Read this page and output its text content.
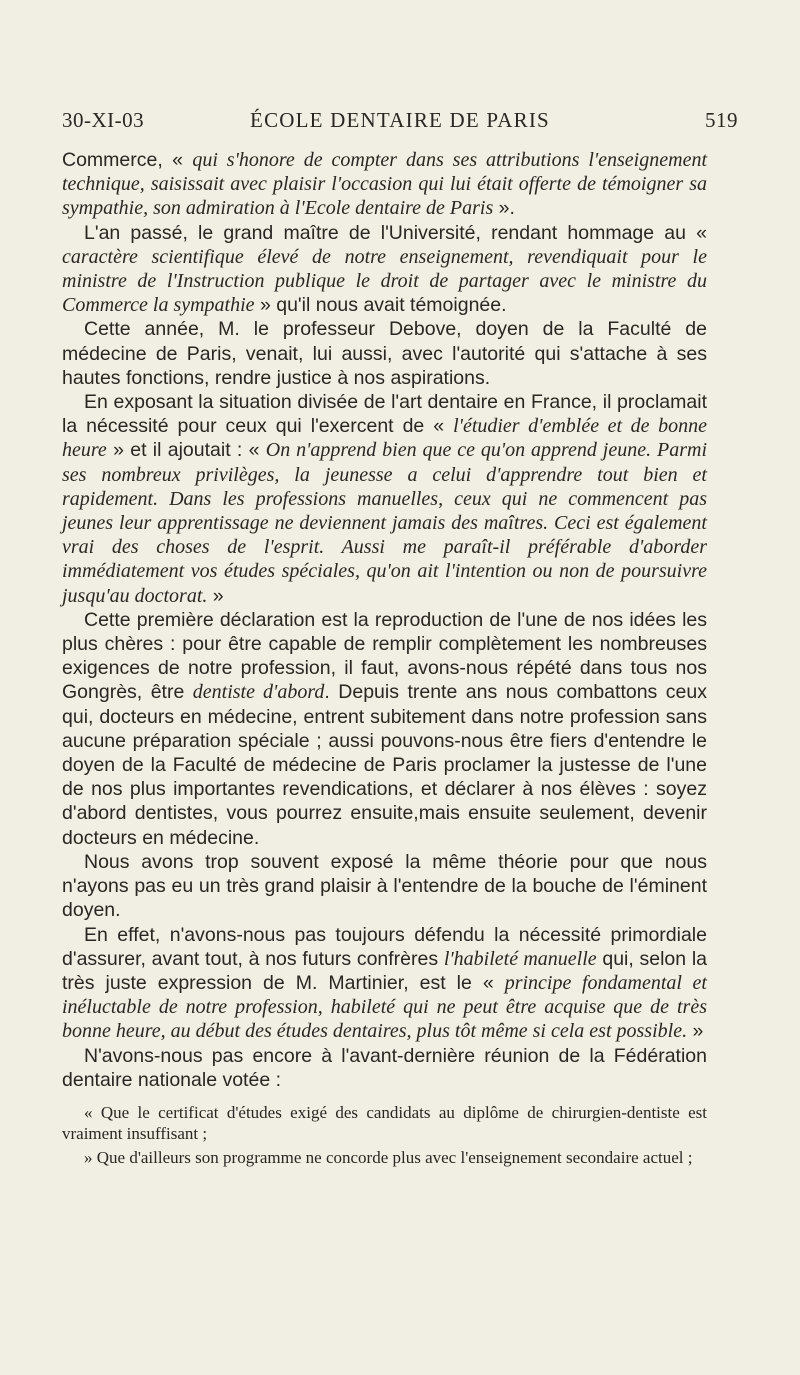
30-XI-03	ÉCOLE DENTAIRE DE PARIS	519

Commerce, « qui s'honore de compter dans ses attributions l'enseignement technique, saisissait avec plaisir l'occasion qui lui était offerte de témoigner sa sympathie, son admiration à l'Ecole dentaire de Paris ».

L'an passé, le grand maître de l'Université, rendant hommage au « caractère scientifique élevé de notre enseignement, revendiquait pour le ministre de l'Instruction publique le droit de partager avec le ministre du Commerce la sympathie » qu'il nous avait témoignée.

Cette année, M. le professeur Debove, doyen de la Faculté de médecine de Paris, venait, lui aussi, avec l'autorité qui s'attache à ses hautes fonctions, rendre justice à nos aspirations.

En exposant la situation divisée de l'art dentaire en France, il proclamait la nécessité pour ceux qui l'exercent de « l'étudier d'emblée et de bonne heure » et il ajoutait : « On n'apprend bien que ce qu'on apprend jeune. Parmi ses nombreux privilèges, la jeunesse a celui d'apprendre tout bien et rapidement. Dans les professions manuelles, ceux qui ne commencent pas jeunes leur apprentissage ne deviennent jamais des maîtres. Ceci est également vrai des choses de l'esprit. Aussi me paraît-il préférable d'aborder immédiatement vos études spéciales, qu'on ait l'intention ou non de poursuivre jusqu'au doctorat. »

Cette première déclaration est la reproduction de l'une de nos idées les plus chères : pour être capable de remplir complètement les nombreuses exigences de notre profession, il faut, avons-nous répété dans tous nos Gongrès, être dentiste d'abord. Depuis trente ans nous combattons ceux qui, docteurs en médecine, entrent subitement dans notre profession sans aucune préparation spéciale ; aussi pouvons-nous être fiers d'entendre le doyen de la Faculté de médecine de Paris proclamer la justesse de l'une de nos plus importantes revendications, et déclarer à nos élèves : soyez d'abord dentistes, vous pourrez ensuite,mais ensuite seulement, devenir docteurs en médecine.

Nous avons trop souvent exposé la même théorie pour que nous n'ayons pas eu un très grand plaisir à l'entendre de la bouche de l'éminent doyen.

En effet, n'avons-nous pas toujours défendu la nécessité primordiale d'assurer, avant tout, à nos futurs confrères l'habileté manuelle qui, selon la très juste expression de M. Martinier, est le « principe fondamental et inéluctable de notre profession, habileté qui ne peut être acquise que de très bonne heure, au début des études dentaires, plus tôt même si cela est possible. »

N'avons-nous pas encore à l'avant-dernière réunion de la Fédération dentaire nationale votée :

« Que le certificat d'études exigé des candidats au diplôme de chirurgien-dentiste est vraiment insuffisant ;

» Que d'ailleurs son programme ne concorde plus avec l'enseignement secondaire actuel ;
